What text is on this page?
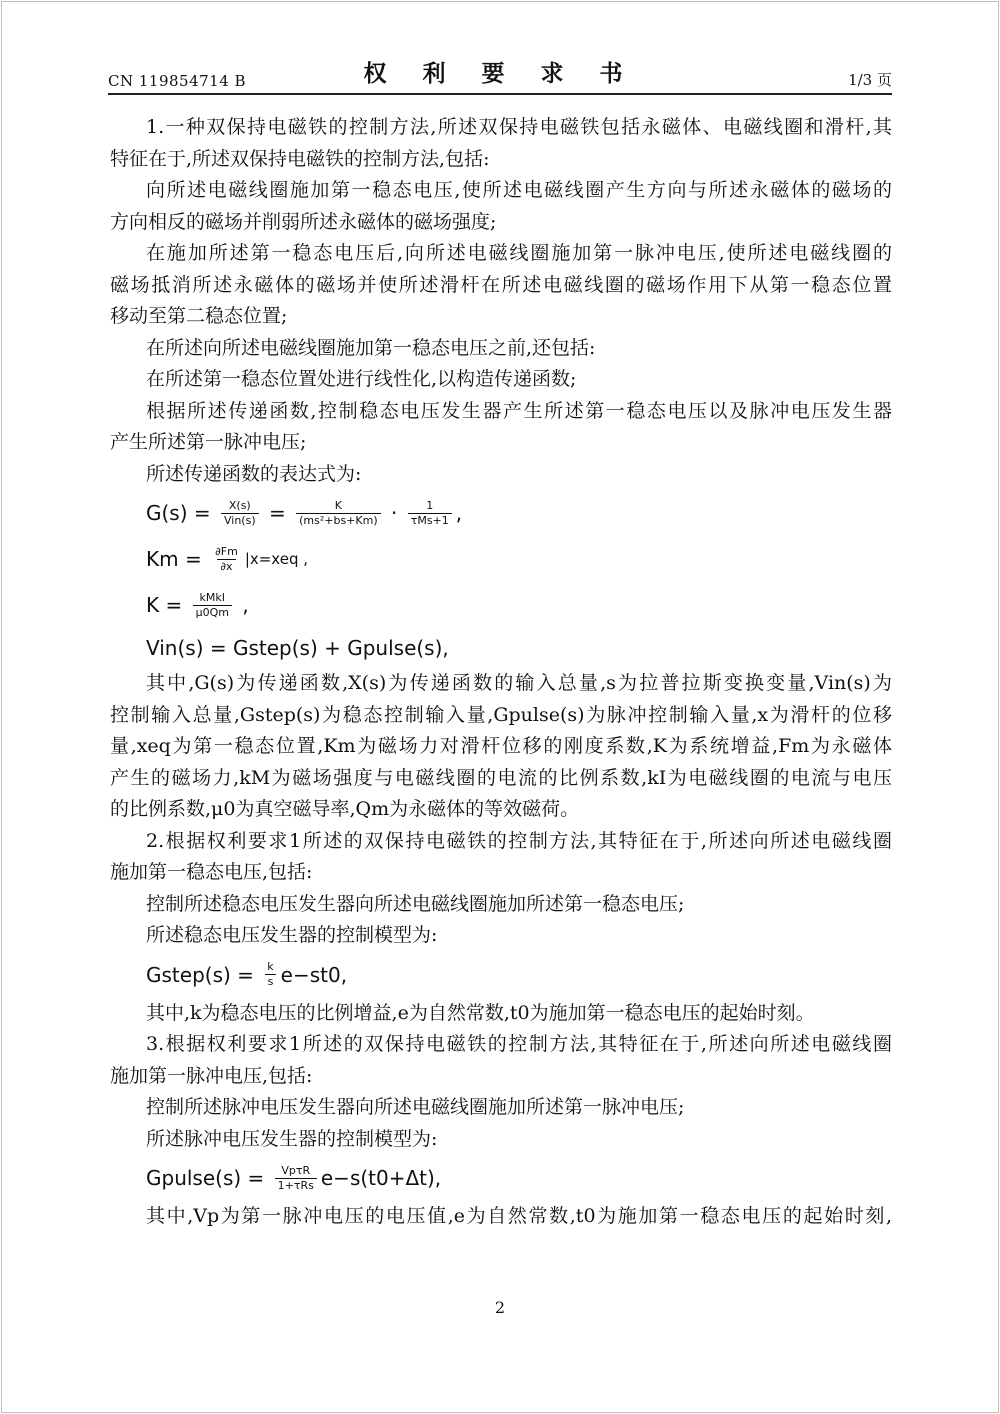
CN 119854714 B	权 利 要 求 书	1/3 页
1.一种双保持电磁铁的控制方法,所述双保持电磁铁包括永磁体、电磁线圈和滑杆,其
特征在于,所述双保持电磁铁的控制方法,包括:
向所述电磁线圈施加第一稳态电压,使所述电磁线圈产生方向与所述永磁体的磁场的
方向相反的磁场并削弱所述永磁体的磁场强度;
在施加所述第一稳态电压后,向所述电磁线圈施加第一脉冲电压,使所述电磁线圈的
磁场抵消所述永磁体的磁场并使所述滑杆在所述电磁线圈的磁场作用下从第一稳态位置
移动至第二稳态位置;
在所述向所述电磁线圈施加第一稳态电压之前,还包括:
在所述第一稳态位置处进行线性化,以构造传递函数;
根据所述传递函数,控制稳态电压发生器产生所述第一稳态电压以及脉冲电压发生器
产生所述第一脉冲电压;
所述传递函数的表达式为:
$G(s) = \frac{X(s)}{\text{Vin(s)}} = \frac{K}{\text{(ms²+bs+Km)}} \cdot \frac{1}{\text{τMs+1}}$ ,
$Km = \frac{\partial Fm}{\partial x} |x=xeq$ ,
$K = \frac{\text{kMkI}}{\mu 0Qm}$ ,
Vin(s) = Gstep(s) + Gpulse(s),
其中,G(s)为传递函数,X(s)为传递函数的输入总量,s为拉普拉斯变换变量,Vin(s)为
控制输入总量,Gstep(s)为稳态控制输入量,Gpulse(s)为脉冲控制输入量,x为滑杆的位移
量,xeq为第一稳态位置,Km为磁场力对滑杆位移的刚度系数,K为系统增益,Fm为永磁体
产生的磁场力,kM为磁场强度与电磁线圈的电流的比例系数,kI为电磁线圈的电流与电压
的比例系数,μ0为真空磁导率,Qm为永磁体的等效磁荷。
2.根据权利要求1所述的双保持电磁铁的控制方法,其特征在于,所述向所述电磁线圈
施加第一稳态电压,包括:
控制所述稳态电压发生器向所述电磁线圈施加所述第一稳态电压;
所述稳态电压发生器的控制模型为:
Gstep(s) = $\frac{k}{s} e-st0$,
其中,k为稳态电压的比例增益,e为自然常数,t0为施加第一稳态电压的起始时刻。
3.根据权利要求1所述的双保持电磁铁的控制方法,其特征在于,所述向所述电磁线圈
施加第一脉冲电压,包括:
控制所述脉冲电压发生器向所述电磁线圈施加所述第一脉冲电压;
所述脉冲电压发生器的控制模型为:
Gpulse(s) = $\frac{\text{VpτR}}{\text{1+τRs}} e-s(t0+\Delta t)$,
其中,Vp为第一脉冲电压的电压值,e为自然常数,t0为施加第一稳态电压的起始时刻,
2
